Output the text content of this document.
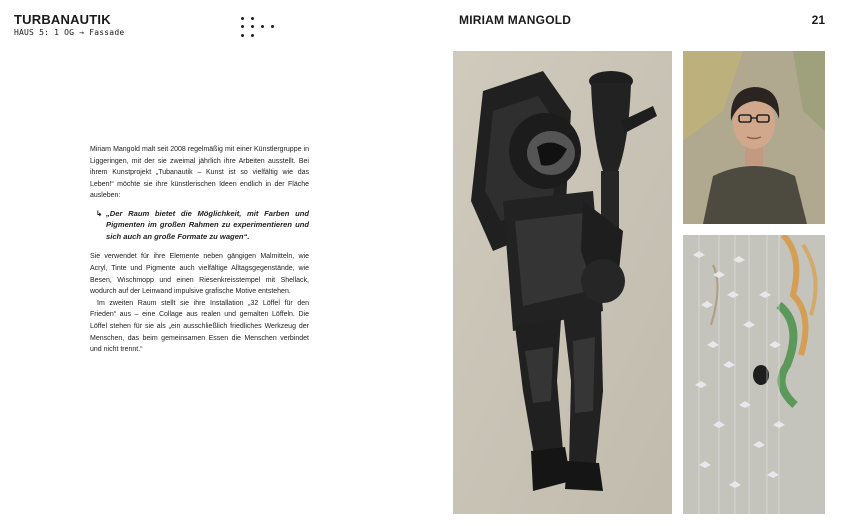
TURBANAUTIK
HAUS 5: 1 OG → Fassade
MIRIAM MANGOLD	21

Miriam Mangold malt seit 2008 regelmäßig mit einer Künstlergruppe in Liggeringen, mit der sie zweimal jährlich ihre Arbeiten ausstellt. Bei ihrem Kunstprojekt „Tubanautik – Kunst ist so vielfältig wie das Leben!“ möchte sie ihre künstlerischen Ideen endlich in der Fläche ausleben:

↳ „Der Raum bietet die Möglichkeit, mit Farben und Pigmenten im großen Rahmen zu experimentieren und sich auch an große Formate zu wagen“.

Sie verwendet für ihre Elemente neben gängigen Malmitteln, wie Acryl, Tinte und Pigmente auch vielfältige Alltagsgegenstände, wie Besen, Wischmopp und einen Riesenkreisstempel mit Shellack, wodurch auf der Leinwand impulsive grafische Motive entstehen.

Im zweiten Raum stellt sie ihre Installation „32 Löffel für den Frieden“ aus – eine Collage aus realen und gemalten Löffeln. Die Löffel stehen für sie als „ein ausschließlich friedliches Werkzeug der Menschen, das beim gemeinsamen Essen die Menschen verbindet und nicht trennt.“
